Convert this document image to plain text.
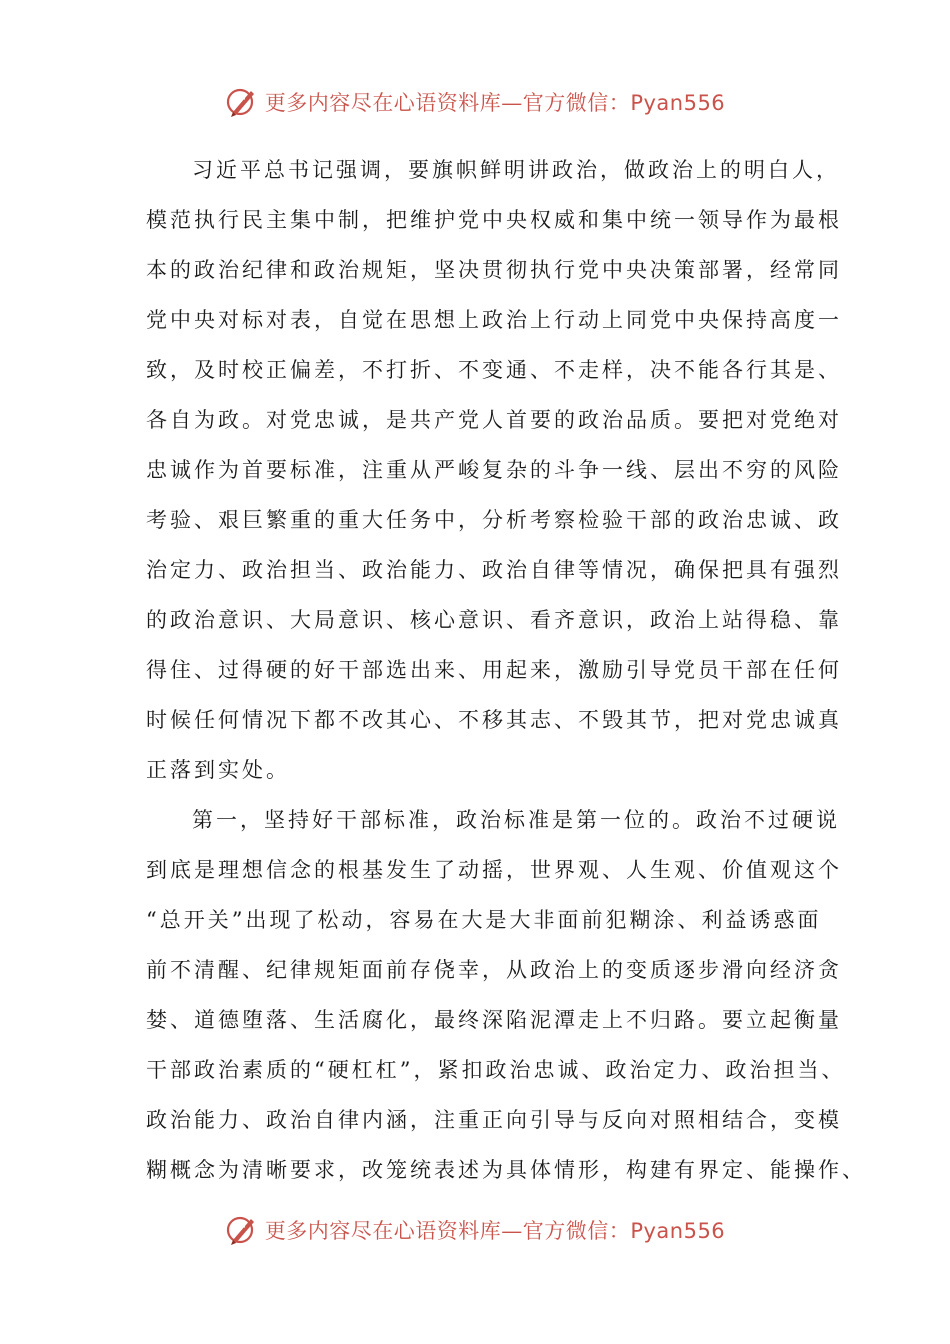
更多内容尽在心语资料库—官方微信：Pyan556
习近平总书记强调，要旗帜鲜明讲政治，做政治上的明白人，
模范执行民主集中制，把维护党中央权威和集中统一领导作为最根
本的政治纪律和政治规矩，坚决贯彻执行党中央决策部署，经常同
党中央对标对表，自觉在思想上政治上行动上同党中央保持高度一
致，及时校正偏差，不打折、不变通、不走样，决不能各行其是、
各自为政。对党忠诚，是共产党人首要的政治品质。要把对党绝对
忠诚作为首要标准，注重从严峻复杂的斗争一线、层出不穷的风险
考验、艰巨繁重的重大任务中，分析考察检验干部的政治忠诚、政
治定力、政治担当、政治能力、政治自律等情况，确保把具有强烈
的政治意识、大局意识、核心意识、看齐意识，政治上站得稳、靠
得住、过得硬的好干部选出来、用起来，激励引导党员干部在任何
时候任何情况下都不改其心、不移其志、不毁其节，把对党忠诚真
正落到实处。
第一，坚持好干部标准，政治标准是第一位的。政治不过硬说
到底是理想信念的根基发生了动摇，世界观、人生观、价值观这个
“总开关”出现了松动，容易在大是大非面前犯糊涂、利益诱惑面
前不清醒、纪律规矩面前存侥幸，从政治上的变质逐步滑向经济贪
婪、道德堕落、生活腐化，最终深陷泥潭走上不归路。要立起衡量
干部政治素质的“硬杠杠”，紧扣政治忠诚、政治定力、政治担当、
政治能力、政治自律内涵，注重正向引导与反向对照相结合，变模
糊概念为清晰要求，改笼统表述为具体情形，构建有界定、能操作、
更多内容尽在心语资料库—官方微信：Pyan556
